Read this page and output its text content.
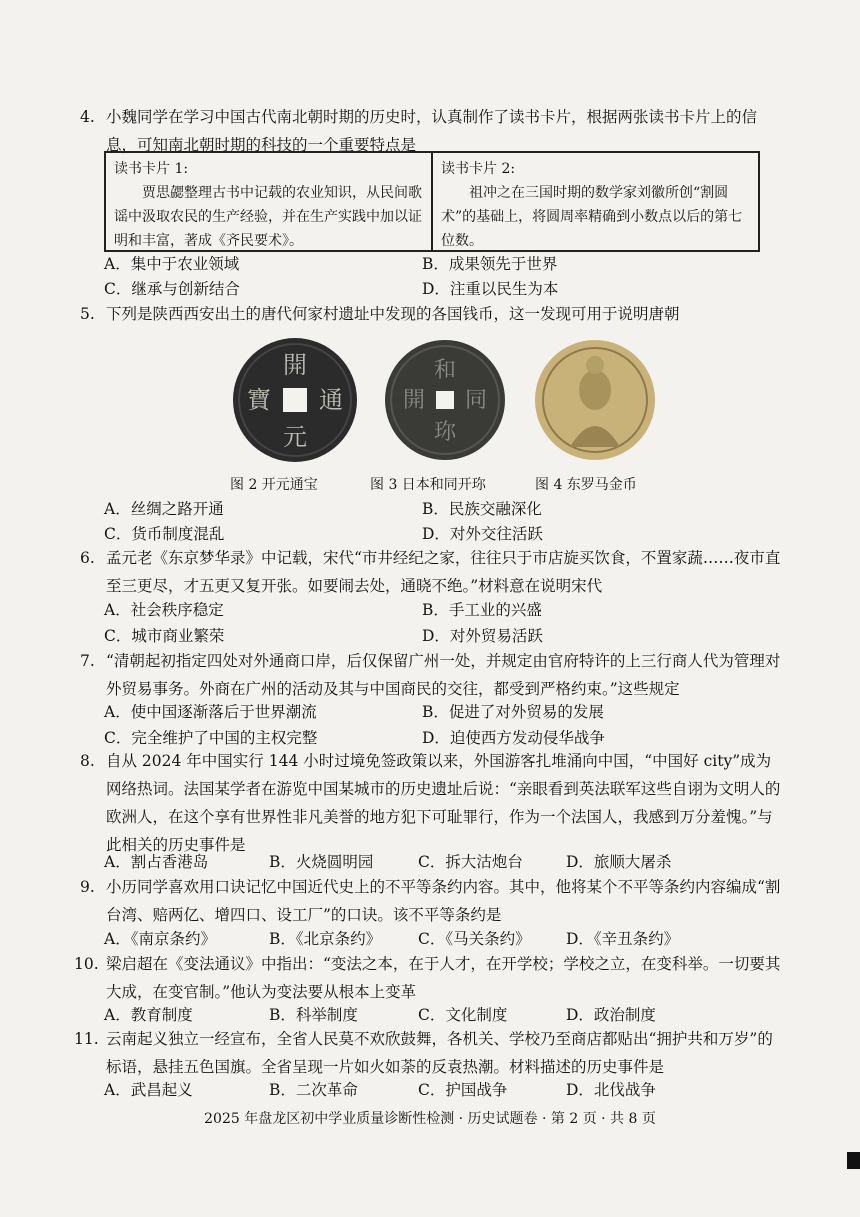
4. 小魏同学在学习中国古代南北朝时期的历史时，认真制作了读书卡片，根据两张读书卡片上的信息，可知南北朝时期的科技的一个重要特点是
读书卡片 1:
贾思勰整理古书中记载的农业知识，从民间歌谣中汲取农民的生产经验，并在生产实践中加以证明和丰富，著成《齐民要术》。
读书卡片 2:
祖冲之在三国时期的数学家刘徽所创“割圆术”的基础上，将圆周率精确到小数点以后的第七位数。
A．集中于农业领域	B．成果领先于世界
C．继承与创新结合	D．注重以民生为本
5. 下列是陕西西安出土的唐代何家村遗址中发现的各国钱币，这一发现可用于说明唐朝
開
通
元
寶
和
同
開
珎
图 2 开元通宝	图 3 日本和同开珎	图 4 东罗马金币
A．丝绸之路开通	B．民族交融深化
C．货币制度混乱	D．对外交往活跃
6. 孟元老《东京梦华录》中记载，宋代“市井经纪之家，往往只于市店旋买饮食，不置家蔬……夜市直至三更尽，才五更又复开张。如要闹去处，通晓不绝。”材料意在说明宋代
A．社会秩序稳定	B．手工业的兴盛
C．城市商业繁荣	D．对外贸易活跃
7. “清朝起初指定四处对外通商口岸，后仅保留广州一处，并规定由官府特许的上三行商人代为管理对外贸易事务。外商在广州的活动及其与中国商民的交往，都受到严格约束。”这些规定
A．使中国逐渐落后于世界潮流	B．促进了对外贸易的发展
C．完全维护了中国的主权完整	D．迫使西方发动侵华战争
8. 自从 2024 年中国实行 144 小时过境免签政策以来，外国游客扎堆涌向中国，“中国好 city”成为网络热词。法国某学者在游览中国某城市的历史遗址后说：“亲眼看到英法联军这些自诩为文明人的欧洲人，在这个享有世界性非凡美誉的地方犯下可耻罪行，作为一个法国人，我感到万分羞愧。”与此相关的历史事件是
A．割占香港岛	B．火烧圆明园	C．拆大沽炮台	D．旅顺大屠杀
9. 小历同学喜欢用口诀记忆中国近代史上的不平等条约内容。其中，他将某个不平等条约内容编成“割台湾、赔两亿、增四口、设工厂”的口诀。该不平等条约是
A．《南京条约》	B．《北京条约》 C．《马关条约》 D．《辛丑条约》
10. 梁启超在《变法通议》中指出：“变法之本，在于人才，在开学校；学校之立，在变科举。一切要其大成，在变官制。”他认为变法要从根本上变革
A．教育制度	B．科举制度	C．文化制度	D．政治制度
11. 云南起义独立一经宣布，全省人民莫不欢欣鼓舞，各机关、学校乃至商店都贴出“拥护共和万岁”的标语，悬挂五色国旗。全省呈现一片如火如荼的反袁热潮。材料描述的历史事件是
A．武昌起义	B．二次革命	C．护国战争	D．北伐战争
2025 年盘龙区初中学业质量诊断性检测 · 历史试题卷 · 第 2 页 · 共 8 页
